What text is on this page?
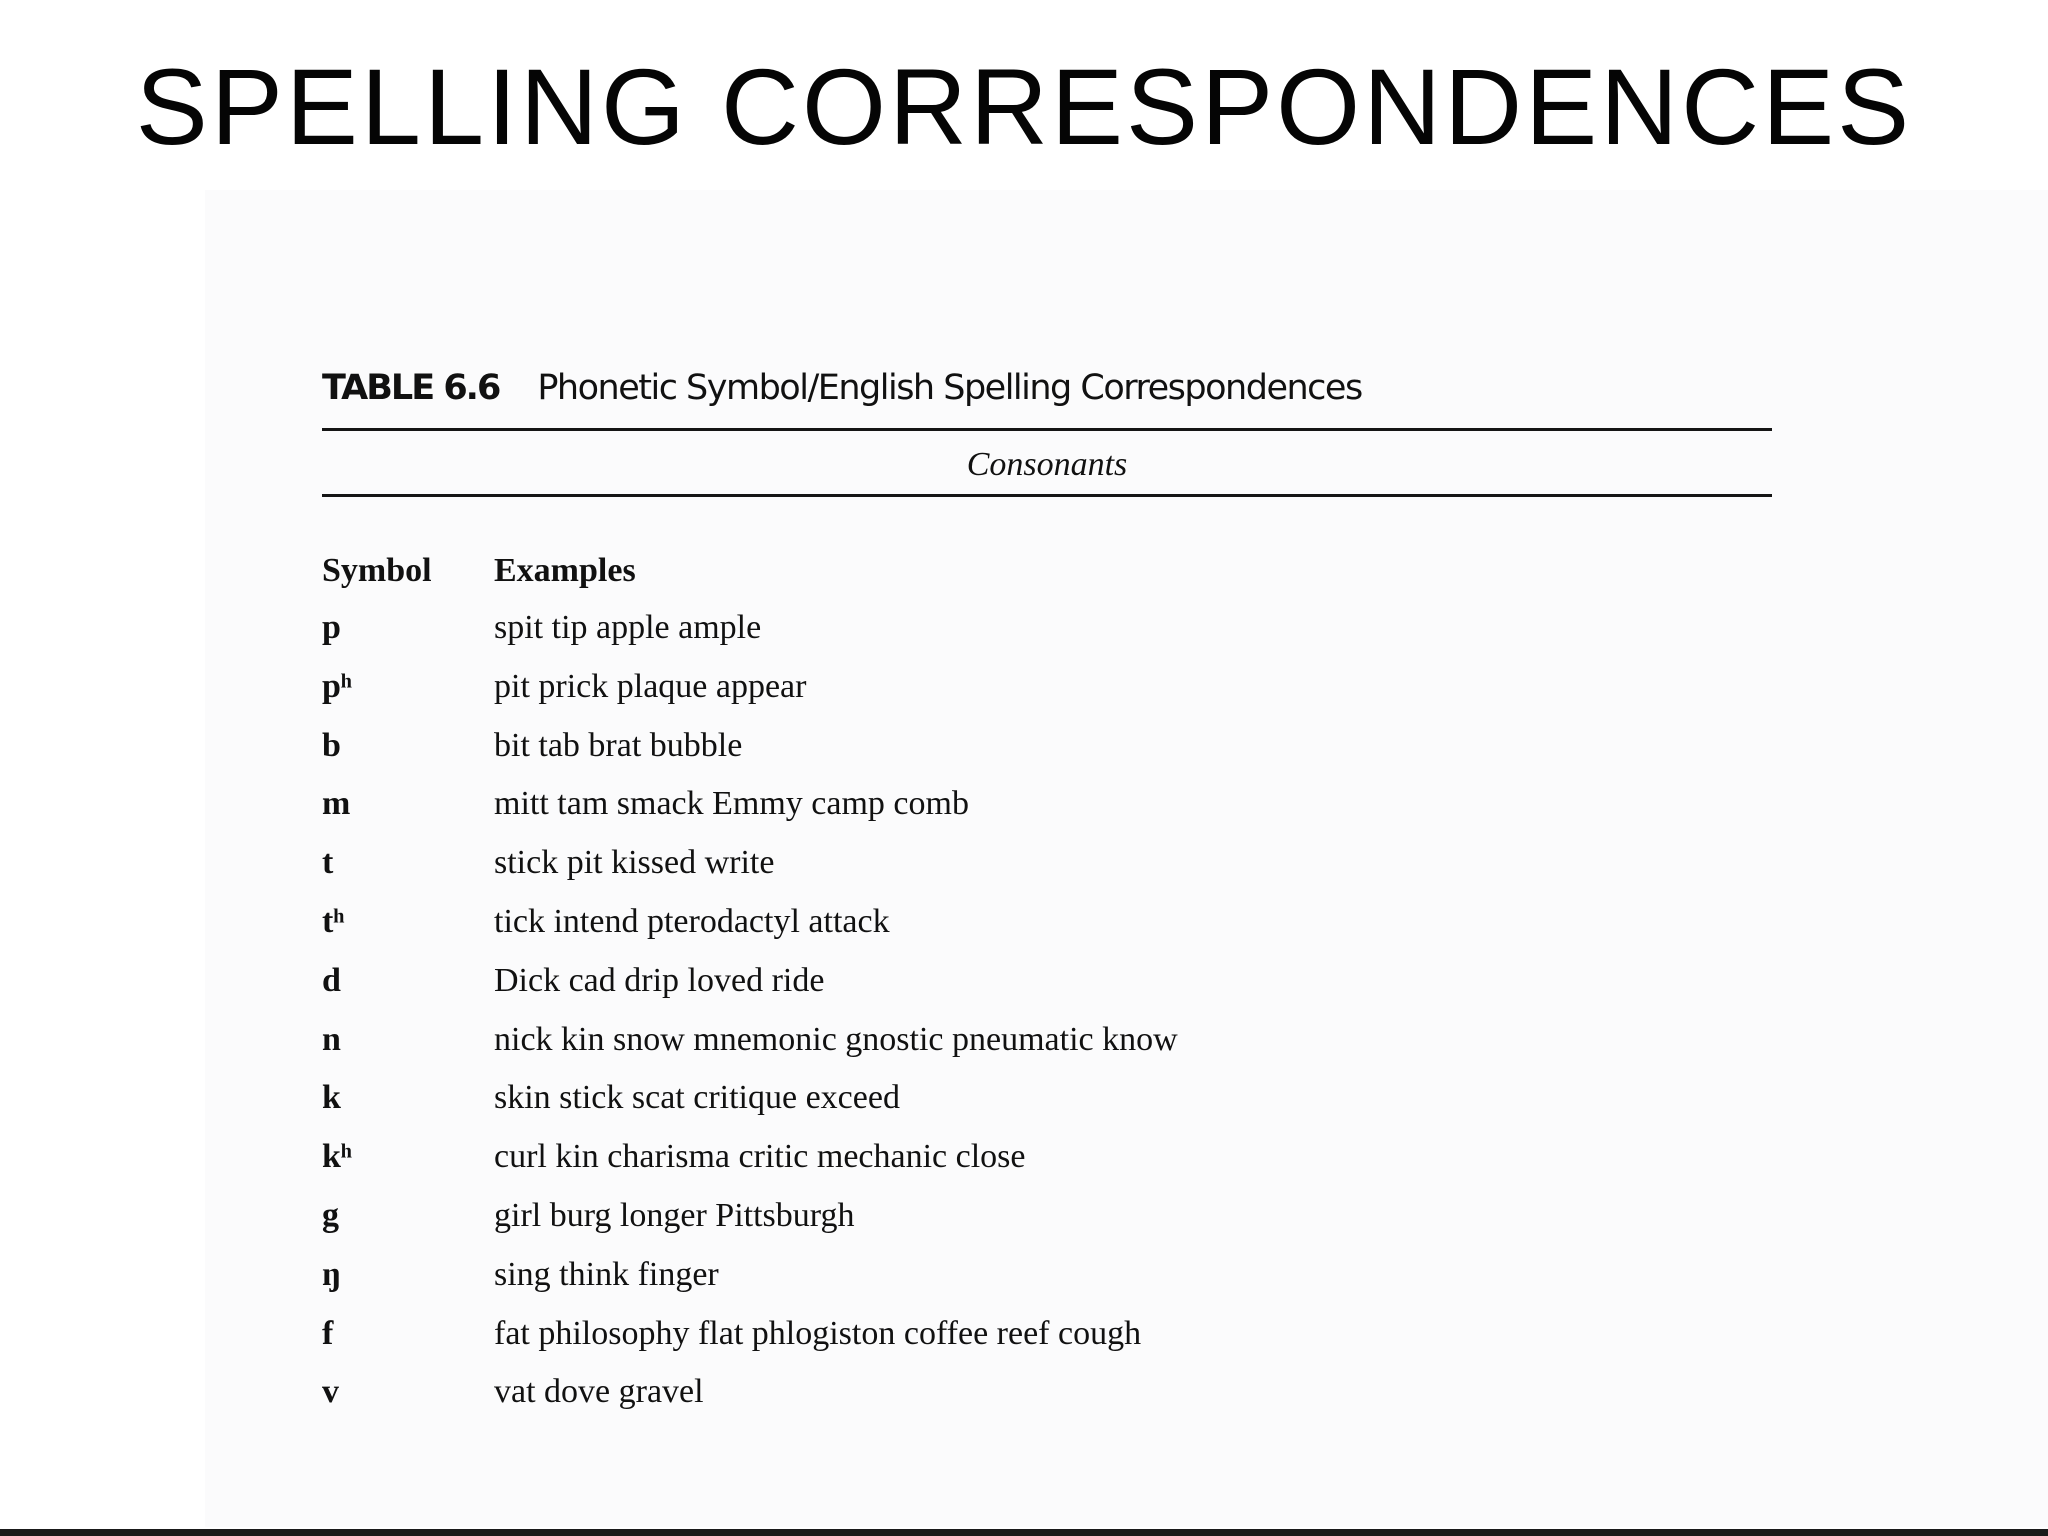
SPELLING CORRESPONDENCES
TABLE 6.6 Phonetic Symbol/English Spelling Correspondences
Consonants
Symbol Examples
p	spit tip apple ample
pʰ	pit prick plaque appear
b	bit tab brat bubble
m	mitt tam smack Emmy camp comb
t	stick pit kissed write
tʰ	tick intend pterodactyl attack
d	Dick cad drip loved ride
n	nick kin snow mnemonic gnostic pneumatic know
k	skin stick scat critique exceed
kʰ	curl kin charisma critic mechanic close
g	girl burg longer Pittsburgh
ŋ	sing think finger
f	fat philosophy flat phlogiston coffee reef cough
v	vat dove gravel
